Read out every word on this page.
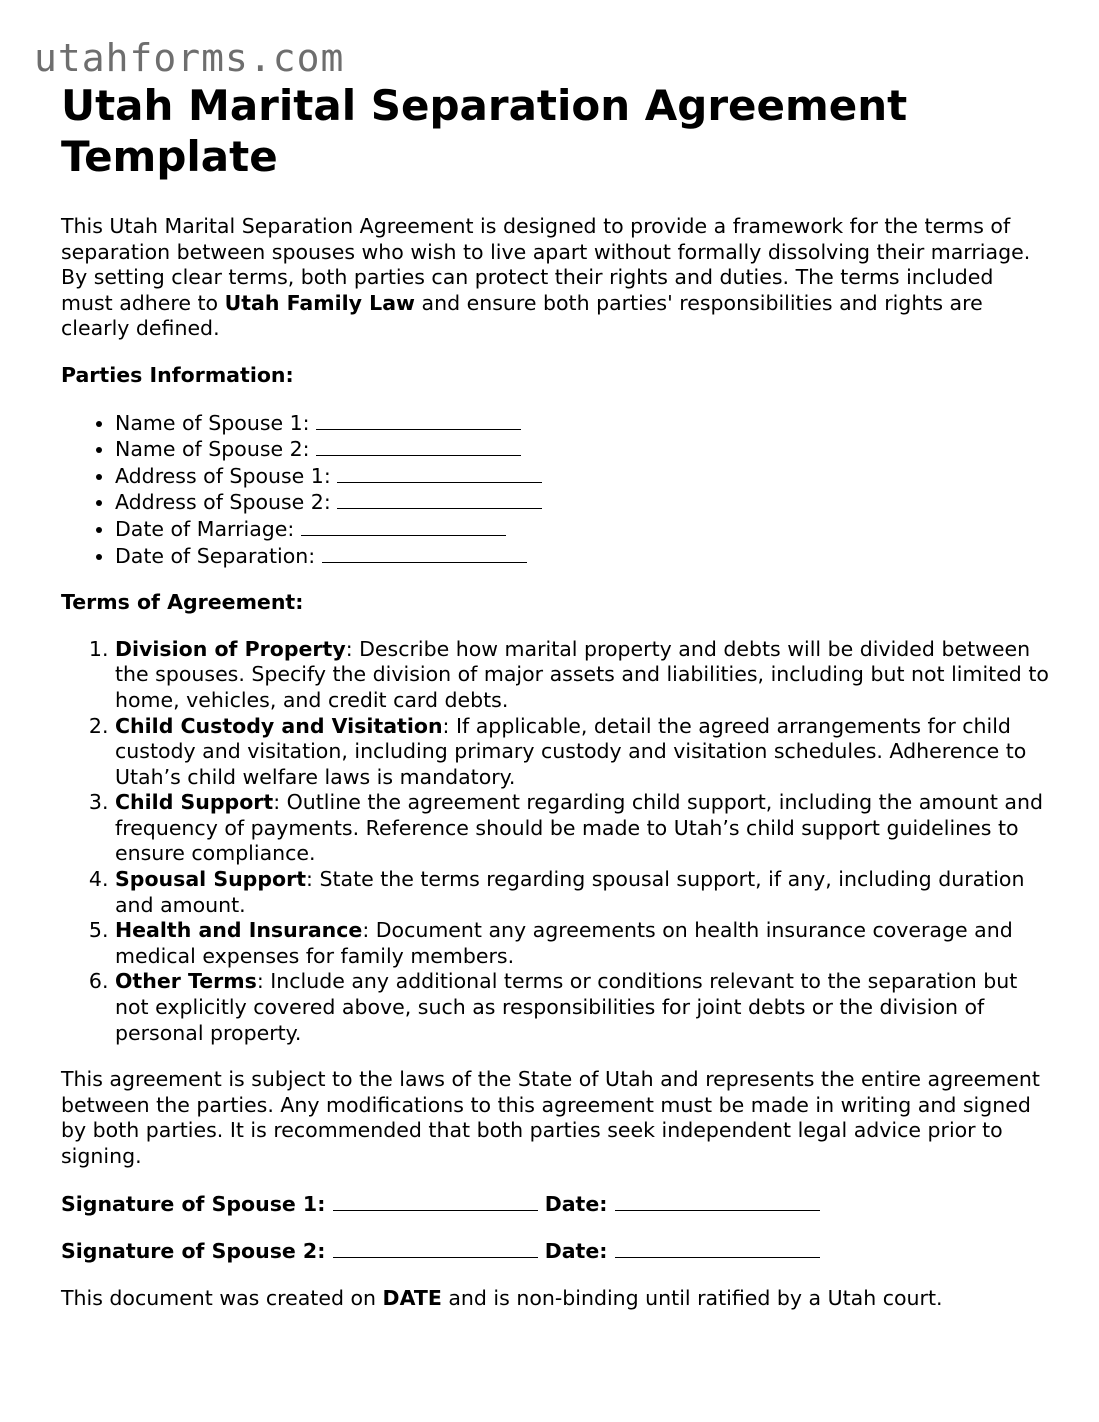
utahforms.com
Utah Marital Separation Agreement Template

This Utah Marital Separation Agreement is designed to provide a framework for the terms of separation between spouses who wish to live apart without formally dissolving their marriage. By setting clear terms, both parties can protect their rights and duties. The terms included must adhere to Utah Family Law and ensure both parties' responsibilities and rights are clearly defined.

Parties Information:

• Name of Spouse 1:
• Name of Spouse 2:
• Address of Spouse 1:
• Address of Spouse 2:
• Date of Marriage:
• Date of Separation:

Terms of Agreement:

1. Division of Property: Describe how marital property and debts will be divided between the spouses. Specify the division of major assets and liabilities, including but not limited to home, vehicles, and credit card debts.
2. Child Custody and Visitation: If applicable, detail the agreed arrangements for child custody and visitation, including primary custody and visitation schedules. Adherence to Utah’s child welfare laws is mandatory.
3. Child Support: Outline the agreement regarding child support, including the amount and frequency of payments. Reference should be made to Utah’s child support guidelines to ensure compliance.
4. Spousal Support: State the terms regarding spousal support, if any, including duration and amount.
5. Health and Insurance: Document any agreements on health insurance coverage and medical expenses for family members.
6. Other Terms: Include any additional terms or conditions relevant to the separation but not explicitly covered above, such as responsibilities for joint debts or the division of personal property.

This agreement is subject to the laws of the State of Utah and represents the entire agreement between the parties. Any modifications to this agreement must be made in writing and signed by both parties. It is recommended that both parties seek independent legal advice prior to signing.

Signature of Spouse 1:	Date:

Signature of Spouse 2:	Date:

This document was created on DATE and is non-binding until ratified by a Utah court.
